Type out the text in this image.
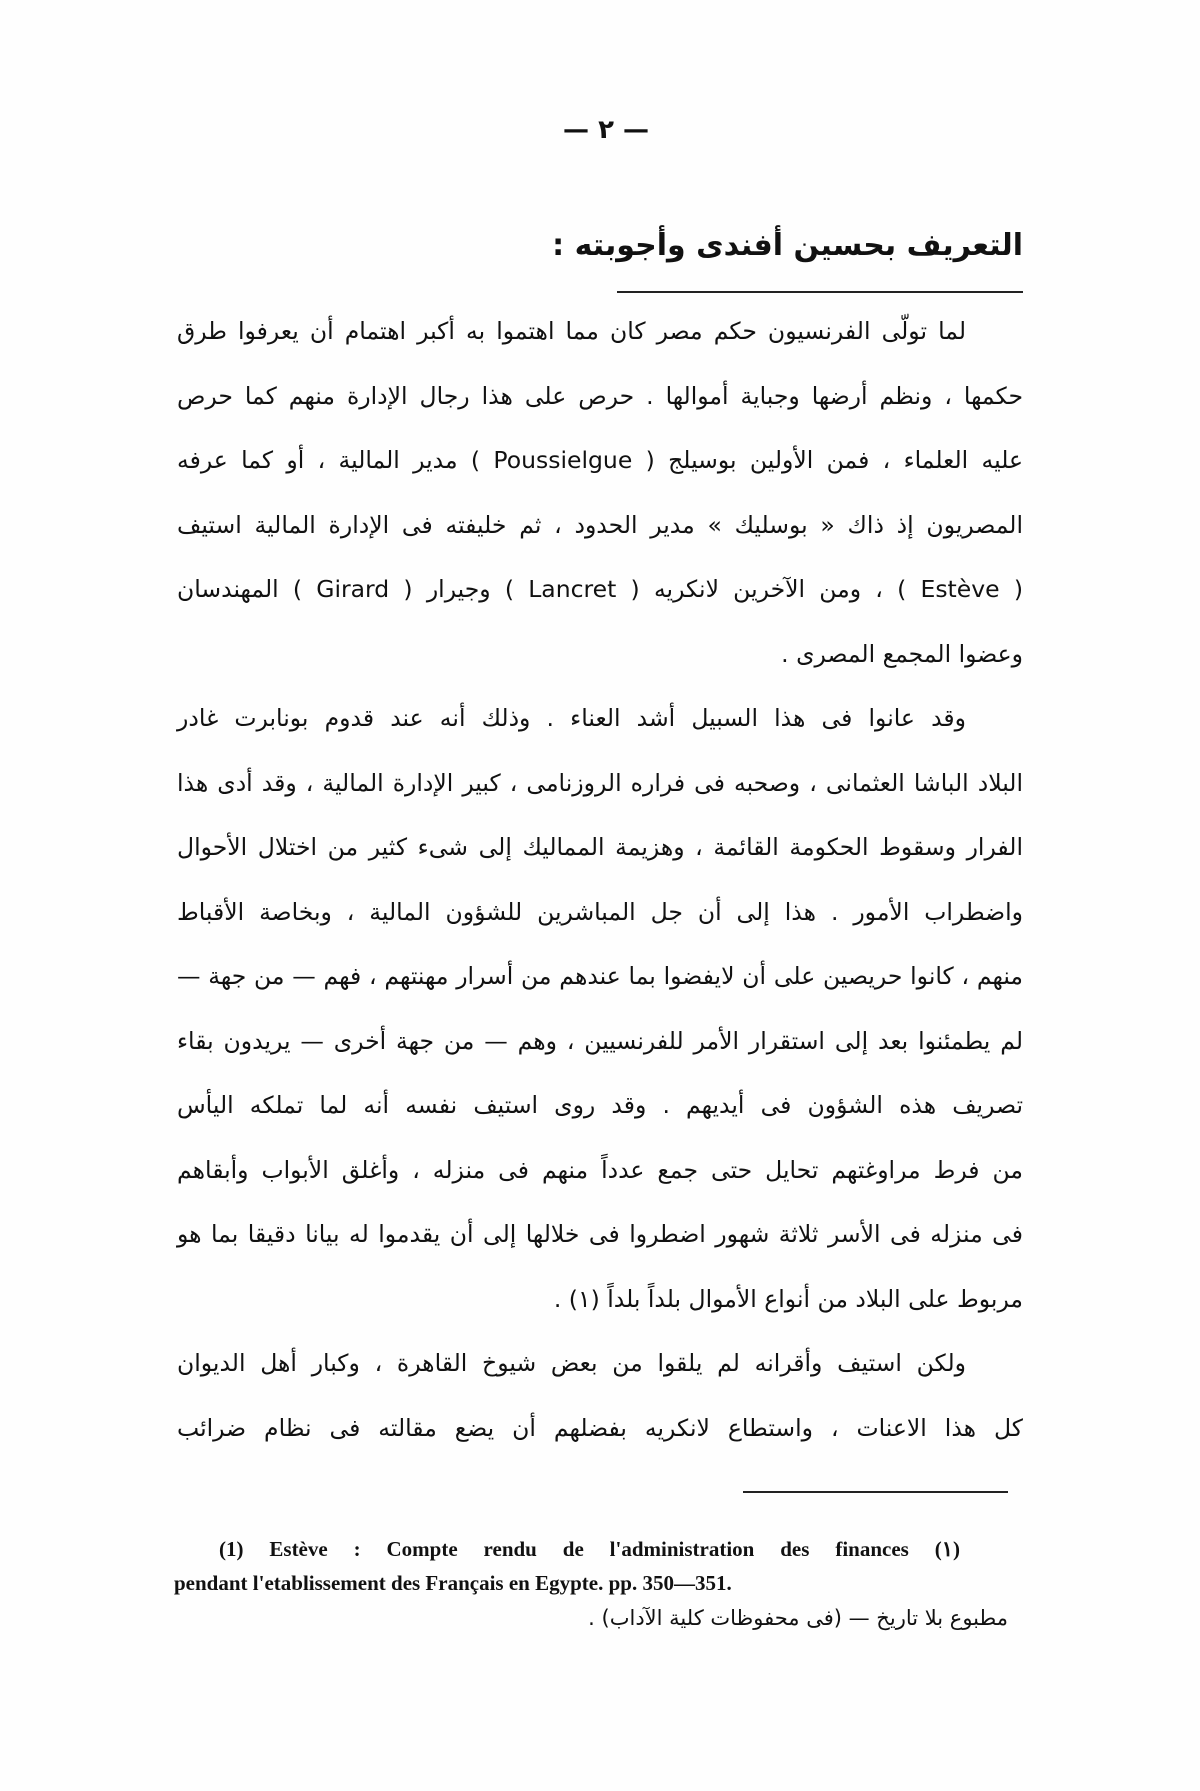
— ٢ —
التعريف بحسين أفندى وأجوبته :
لما تولّى الفرنسيون حكم مصر كان مما اهتموا به أكبر اهتمام أن يعرفوا طرق
حكمها ، ونظم أرضها وجباية أموالها . حرص على هذا رجال الإدارة منهم كما حرص
عليه العلماء ، فمن الأولين بوسيلج ( Poussielgue ) مدير المالية ، أو كما عرفه
المصريون إذ ذاك « بوسليك » مدير الحدود ، ثم خليفته فى الإدارة المالية استيف
( Estève ) ، ومن الآخرين لانكريه ( Lancret ) وجيرار ( Girard ) المهندسان
وعضوا المجمع المصرى .
وقد عانوا فى هذا السبيل أشد العناء . وذلك أنه عند قدوم بونابرت غادر
البلاد الباشا العثمانى ، وصحبه فى فراره الروزنامى ، كبير الإدارة المالية ، وقد أدى هذا
الفرار وسقوط الحكومة القائمة ، وهزيمة المماليك إلى شىء كثير من اختلال الأحوال
واضطراب الأمور . هذا إلى أن جل المباشرين للشؤون المالية ، وبخاصة الأقباط
منهم ، كانوا حريصين على أن لايفضوا بما عندهم من أسرار مهنتهم ، فهم — من جهة —
لم يطمئنوا بعد إلى استقرار الأمر للفرنسيين ، وهم — من جهة أخرى — يريدون بقاء
تصريف هذه الشؤون فى أيديهم . وقد روى استيف نفسه أنه لما تملكه اليأس
من فرط مراوغتهم تحايل حتى جمع عدداً منهم فى منزله ، وأغلق الأبواب وأبقاهم
فى منزله فى الأسر ثلاثة شهور اضطروا فى خلالها إلى أن يقدموا له بيانا دقيقا بما هو
مربوط على البلاد من أنواع الأموال بلداً بلداً (١) .
ولكن استيف وأقرانه لم يلقوا من بعض شيوخ القاهرة ، وكبار أهل الديوان
كل هذا الاعنات ، واستطاع لانكريه بفضلهم أن يضع مقالته فى نظام ضرائب
(1) Estève : Compte rendu de l'administration des finances (١)
pendant l'etablissement des Français en Egypte. pp. 350—351.
مطبوع بلا تاريخ — (فى محفوظات كلية الآداب) .
